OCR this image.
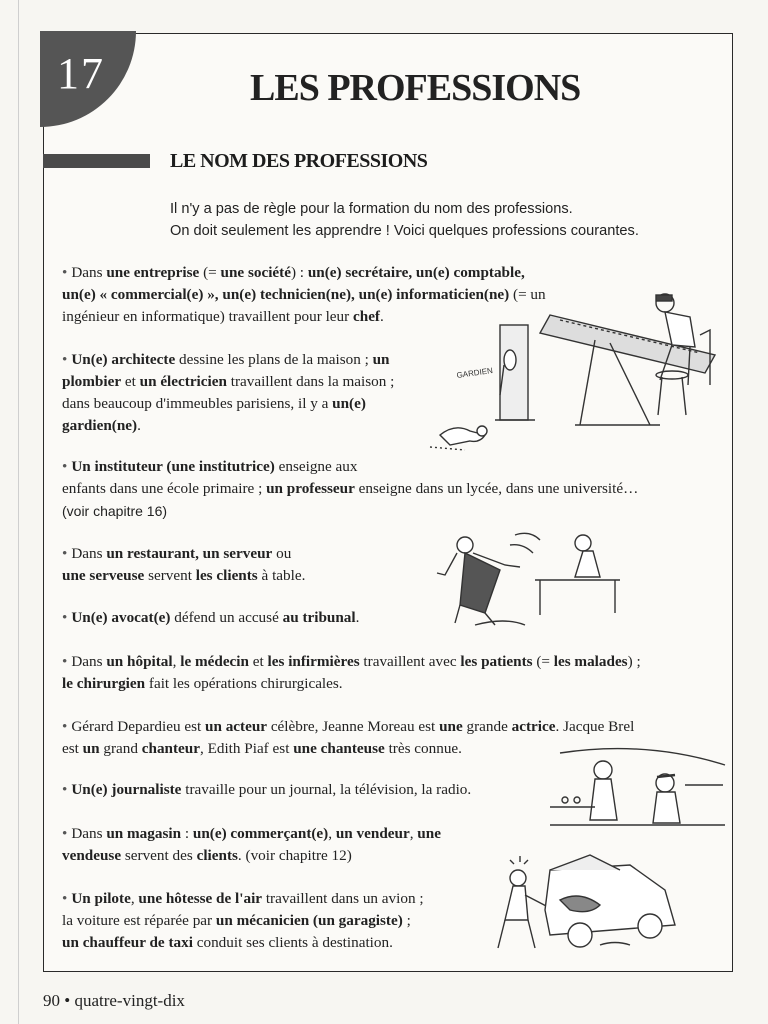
17	LES PROFESSIONS
LE NOM DES PROFESSIONS
Il n'y a pas de règle pour la formation du nom des professions.
On doit seulement les apprendre ! Voici quelques professions courantes.
• Dans une entreprise (= une société) : un(e) secrétaire, un(e) comptable,
un(e) « commercial(e) », un(e) technicien(ne), un(e) informaticien(ne) (= un
ingénieur en informatique) travaillent pour leur chef.
• Un(e) architecte dessine les plans de la maison ; un
plombier et un électricien travaillent dans la maison ;
dans beaucoup d'immeubles parisiens, il y a un(e)
gardien(ne).
• Un instituteur (une institutrice) enseigne aux
enfants dans une école primaire ; un professeur enseigne dans un lycée, dans une université…
(voir chapitre 16)
• Dans un restaurant, un serveur ou
une serveuse servent les clients à table.
• Un(e) avocat(e) défend un accusé au tribunal.
• Dans un hôpital, le médecin et les infirmières travaillent avec les patients (= les malades) ;
le chirurgien fait les opérations chirurgicales.
• Gérard Depardieu est un acteur célèbre, Jeanne Moreau est une grande actrice. Jacque Brel
est un grand chanteur, Edith Piaf est une chanteuse très connue.
• Un(e) journaliste travaille pour un journal, la télévision, la radio.
• Dans un magasin : un(e) commerçant(e), un vendeur, une
vendeuse servent des clients. (voir chapitre 12)
• Un pilote, une hôtesse de l'air travaillent dans un avion ;
la voiture est réparée par un mécanicien (un garagiste) ;
un chauffeur de taxi conduit ses clients à destination.
GARDIEN
90 • quatre-vingt-dix
